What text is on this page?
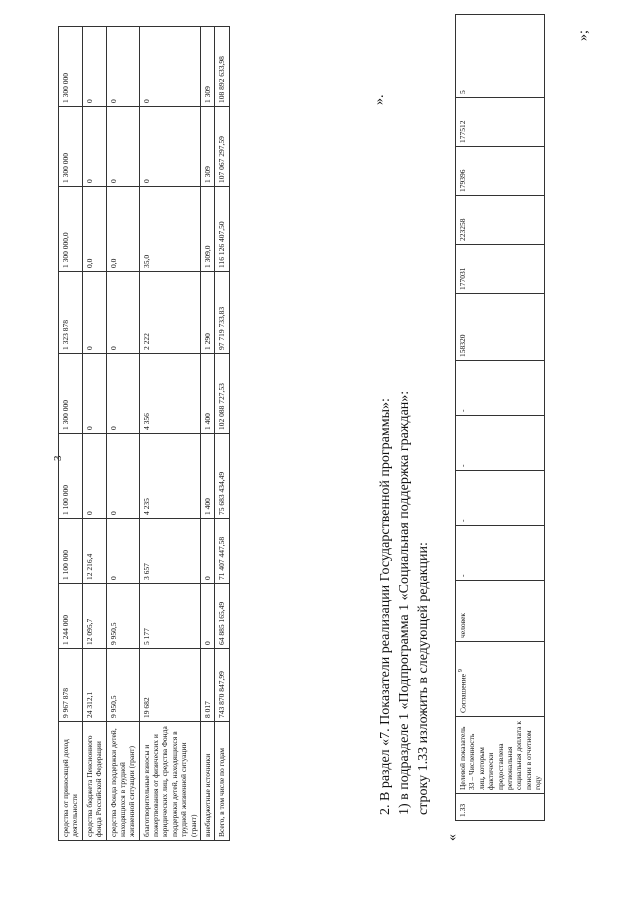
3
средства от приносящей доход деятельности	9 967 878	1 244 000	1 100 000	1 100 000	1 300 000	1 323 878	1 300 000,0	1 300 000	1 300 000
средства бюджета Пенсионного фонда Российской Федерации	24 312,1	12 095,7	12 216,4	0	0	0	0,0	0	0
средства Фонда поддержки детей, находящихся в трудной жизненной ситуации (грант)	9 950,5	9 950,5	0	0	0	0	0,0	0	0
благотворительные взносы и пожертвования от физических и юридических лиц, средства Фонда поддержки детей, находящихся в трудной жизненной ситуации (грант)	19 682	5 177	3 657	4 235	4 356	2 222	35,0	0	0
внебюджетные источники	8 017	0	0	1 400	1 400	1 290	1 309,0	1 309	1 309
Всего, в том числе по годам	743 870 847,99	64 885 165,49	71 407 447,58	75 683 434,49	102 088 727,53	97 719 733,83	116 126 407,50	107 067 297,59	108 892 633,98	».
2. В раздел «7. Показатели реализации Государственной программы»: 1) в подразделе 1 «Подпрограмма 1 «Социальная поддержка граждан»: строку 1.33 изложить в следующей редакции:
«
1.33	Целевой показатель 33 – Численность лиц, которым фактически предоставлена региональная социальная доплата к пенсии в отчетном году	Соглашение $^9$	человек	-	-	-	-	158320	177031	223258	179396	177512	5
»;
